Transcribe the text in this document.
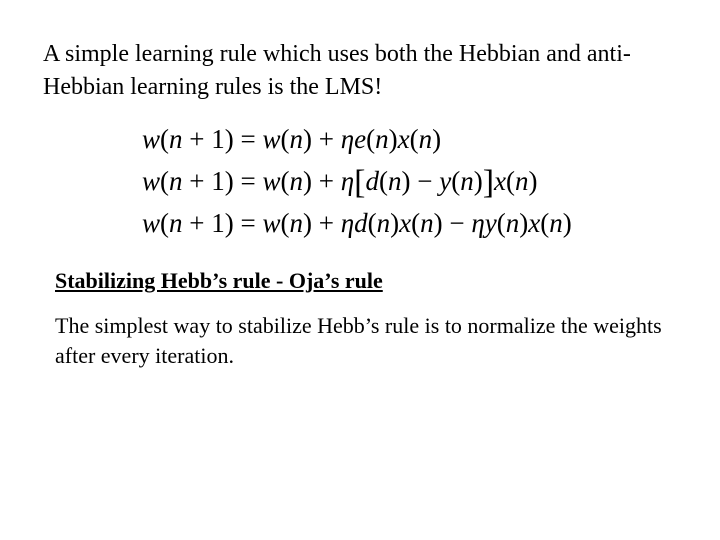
A simple learning rule which uses both the Hebbian and anti-Hebbian learning rules is the LMS!
w(n + 1) = w(n) + ηe(n)x(n)
w(n + 1) = w(n) + η[d(n) − y(n)]x(n)
w(n + 1) = w(n) + ηd(n)x(n) − ηy(n)x(n)
Stabilizing Hebb’s rule - Oja’s rule
The simplest way to stabilize Hebb’s rule is to normalize the weights after every iteration.
